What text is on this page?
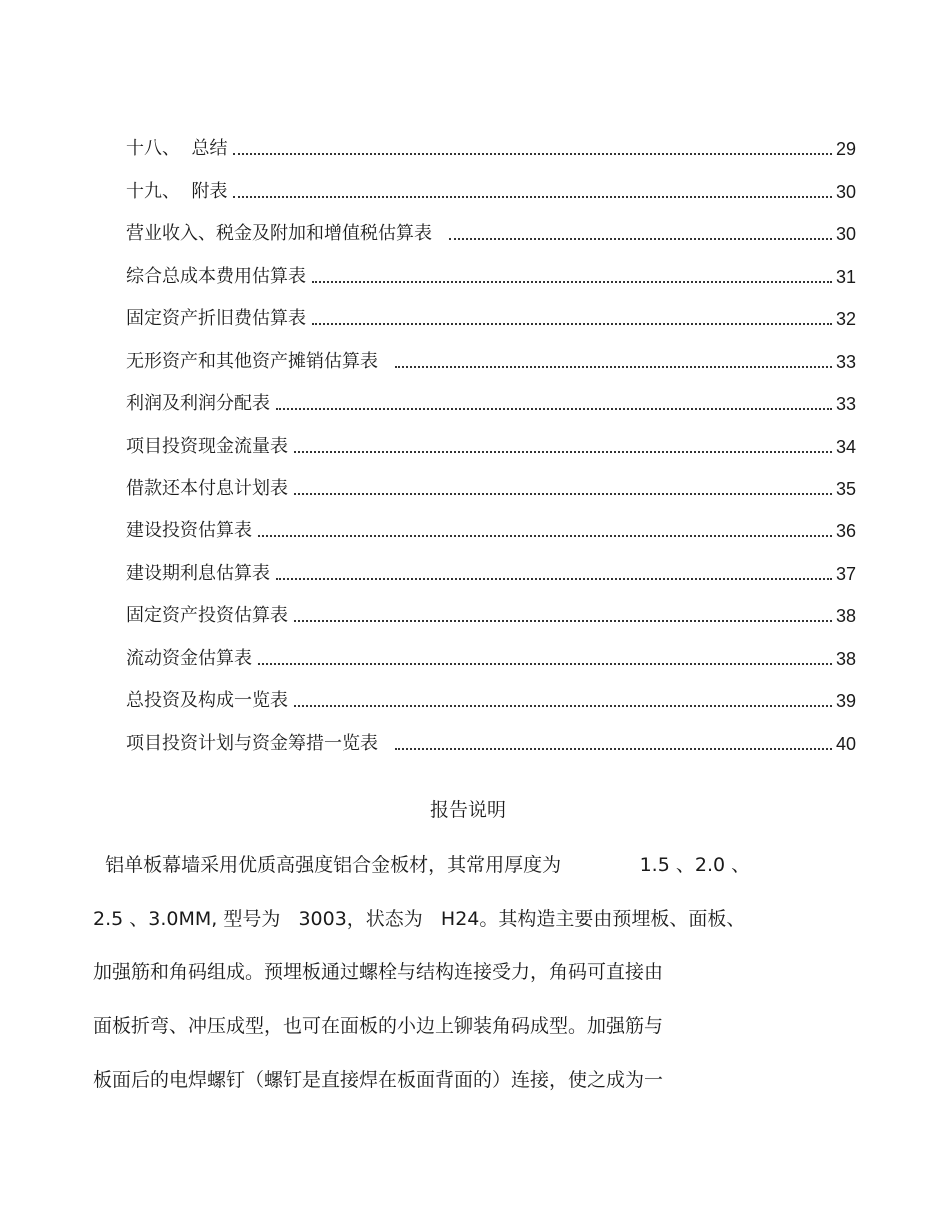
十八、  总结	29
十九、  附表	30
营业收入、税金及附加和增值税估算表	30
综合总成本费用估算表	31
固定资产折旧费估算表	32
无形资产和其他资产摊销估算表	33
利润及利润分配表	33
项目投资现金流量表	34
借款还本付息计划表	35
建设投资估算表	36
建设期利息估算表	37
固定资产投资估算表	38
流动资金估算表	38
总投资及构成一览表	39
项目投资计划与资金筹措一览表	40
报告说明
铝单板幕墙采用优质高强度铝合金板材，其常用厚度为             1.5 、2.0 、
2.5 、3.0MM, 型号为   3003，状态为   H24。其构造主要由预埋板、面板、
加强筋和角码组成。预埋板通过螺栓与结构连接受力，角码可直接由
面板折弯、冲压成型，也可在面板的小边上铆装角码成型。加强筋与
板面后的电焊螺钉（螺钉是直接焊在板面背面的）连接，使之成为一
